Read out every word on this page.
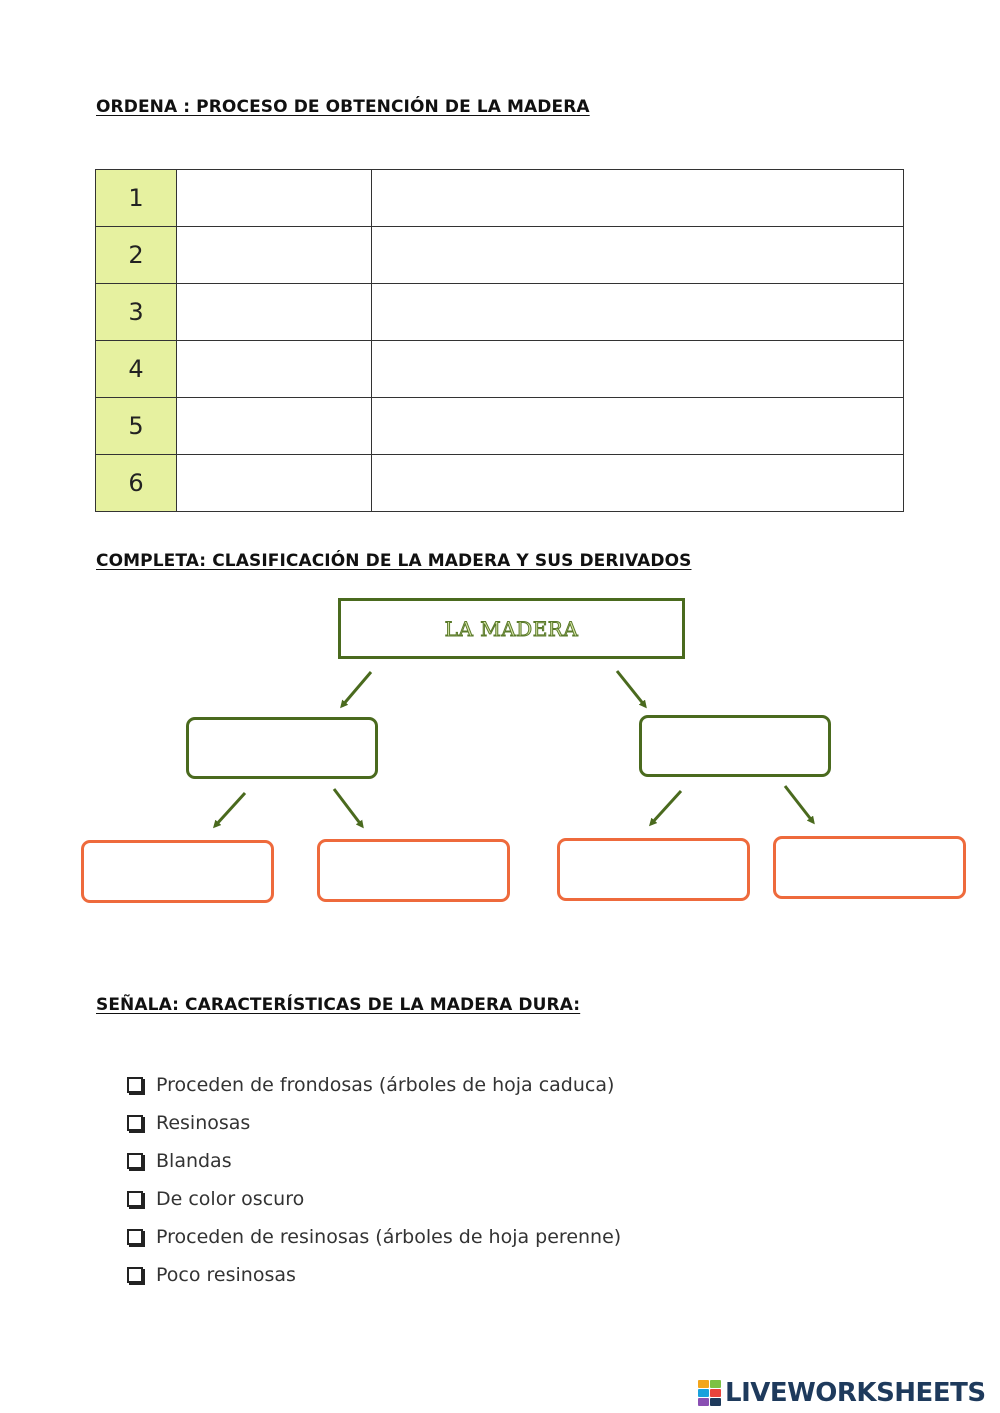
ORDENA : PROCESO DE OBTENCIÓN DE LA MADERA
1		
2		
3		
4		
5		
6		
COMPLETA: CLASIFICACIÓN DE LA MADERA Y SUS DERIVADOS
LA MADERA
SEÑALA: CARACTERÍSTICAS DE LA MADERA DURA:
Proceden de frondosas (árboles de hoja caduca)
Resinosas
Blandas
De color oscuro
Proceden de resinosas (árboles de hoja perenne)
Poco resinosas
LIVEWORKSHEETS
